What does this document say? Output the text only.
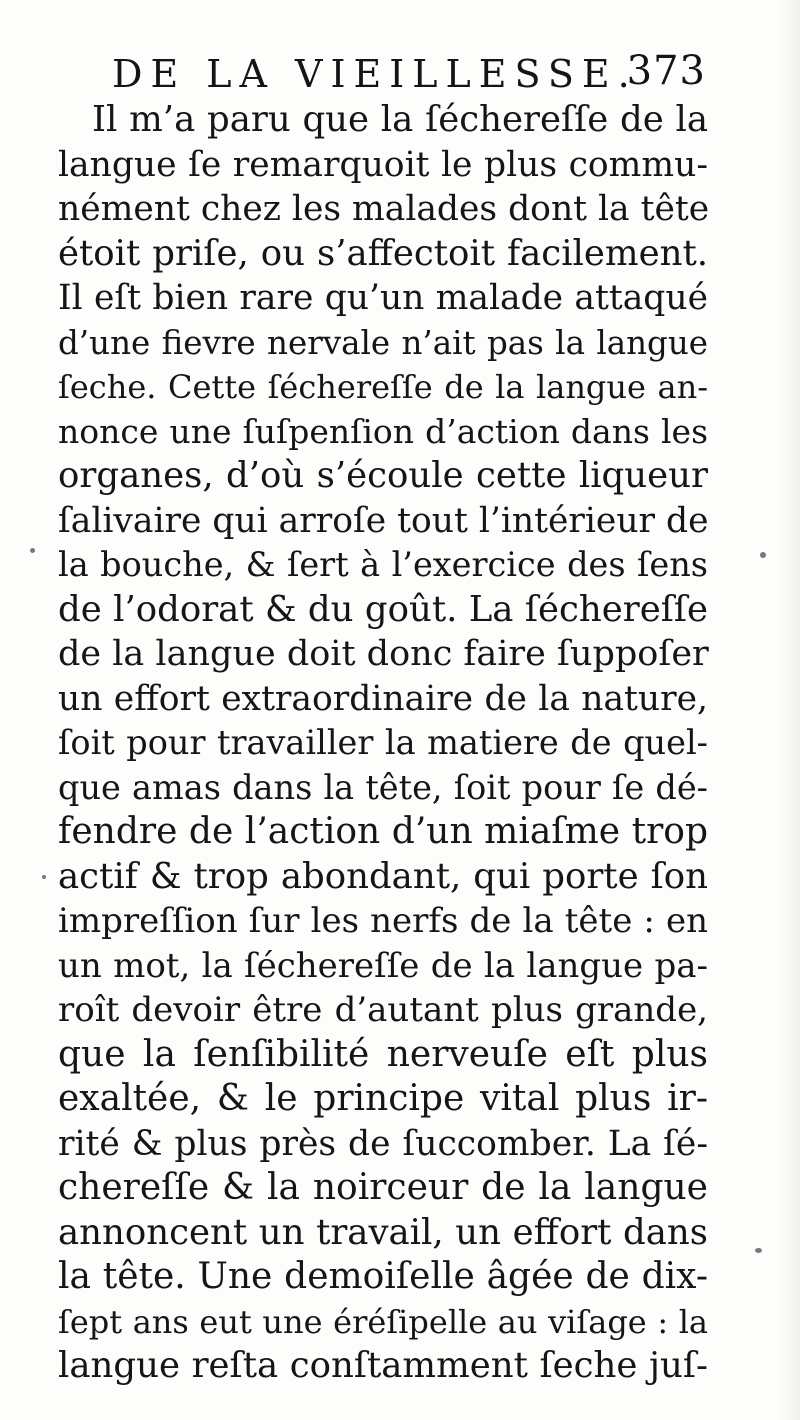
DE LA VIEILLESSE.
373
Il m’a paru que la ſécherеſſe de la
langue ſe remarquoit le plus commu-
nément chez les malades dont la tête
étoit priſe, ou s’affectoit facilement.
Il eſt bien rare qu’un malade attaqué
d’une fievre nervale n’ait pas la langue
ſeche. Cette ſécherеſſe de la langue an-
nonce une ſuſpenſion d’action dans les
organes, d’où s’écoule cette liqueur
ſalivaire qui arroſe tout l’intérieur de
la bouche, & ſert à l’exercice des ſens
de l’odorat & du goût. La ſécherеſſe
de la langue doit donc faire ſuppoſer
un effort extraordinaire de la nature,
ſoit pour travailler la matiere de quel-
que amas dans la tête, ſoit pour ſe dé-
fendre de l’action d’un miaſme trop
actif & trop abondant, qui porte ſon
impreſſion ſur les nerfs de la tête : en
un mot, la ſécherеſſe de la langue pa-
roît devoir être d’autant plus grande,
que la ſenſibilité nerveuſe eſt plus
exaltée, & le principe vital plus ir-
rité & plus près de ſuccomber. La ſé-
cherеſſe & la noirceur de la langue
annoncent un travail, un effort dans
la tête. Une demoiſelle âgée de dix-
ſept ans eut une éréſipelle au viſage : la
langue reſta conſtamment ſeche juſ-
